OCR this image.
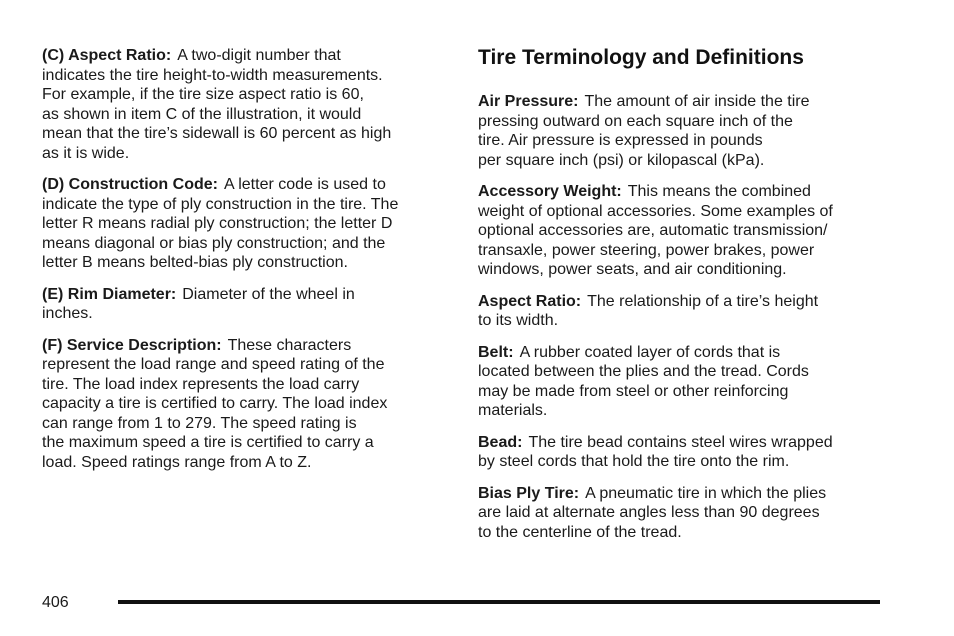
(C) Aspect Ratio: A two-digit number that
indicates the tire height-to-width measurements.
For example, if the tire size aspect ratio is 60,
as shown in item C of the illustration, it would
mean that the tire’s sidewall is 60 percent as high
as it is wide.
(D) Construction Code: A letter code is used to
indicate the type of ply construction in the tire. The
letter R means radial ply construction; the letter D
means diagonal or bias ply construction; and the
letter B means belted-bias ply construction.
(E) Rim Diameter: Diameter of the wheel in
inches.
(F) Service Description: These characters
represent the load range and speed rating of the
tire. The load index represents the load carry
capacity a tire is certified to carry. The load index
can range from 1 to 279. The speed rating is
the maximum speed a tire is certified to carry a
load. Speed ratings range from A to Z.
Tire Terminology and Definitions
Air Pressure: The amount of air inside the tire
pressing outward on each square inch of the
tire. Air pressure is expressed in pounds
per square inch (psi) or kilopascal (kPa).
Accessory Weight: This means the combined
weight of optional accessories. Some examples of
optional accessories are, automatic transmission/
transaxle, power steering, power brakes, power
windows, power seats, and air conditioning.
Aspect Ratio: The relationship of a tire’s height
to its width.
Belt: A rubber coated layer of cords that is
located between the plies and the tread. Cords
may be made from steel or other reinforcing
materials.
Bead: The tire bead contains steel wires wrapped
by steel cords that hold the tire onto the rim.
Bias Ply Tire: A pneumatic tire in which the plies
are laid at alternate angles less than 90 degrees
to the centerline of the tread.
406
